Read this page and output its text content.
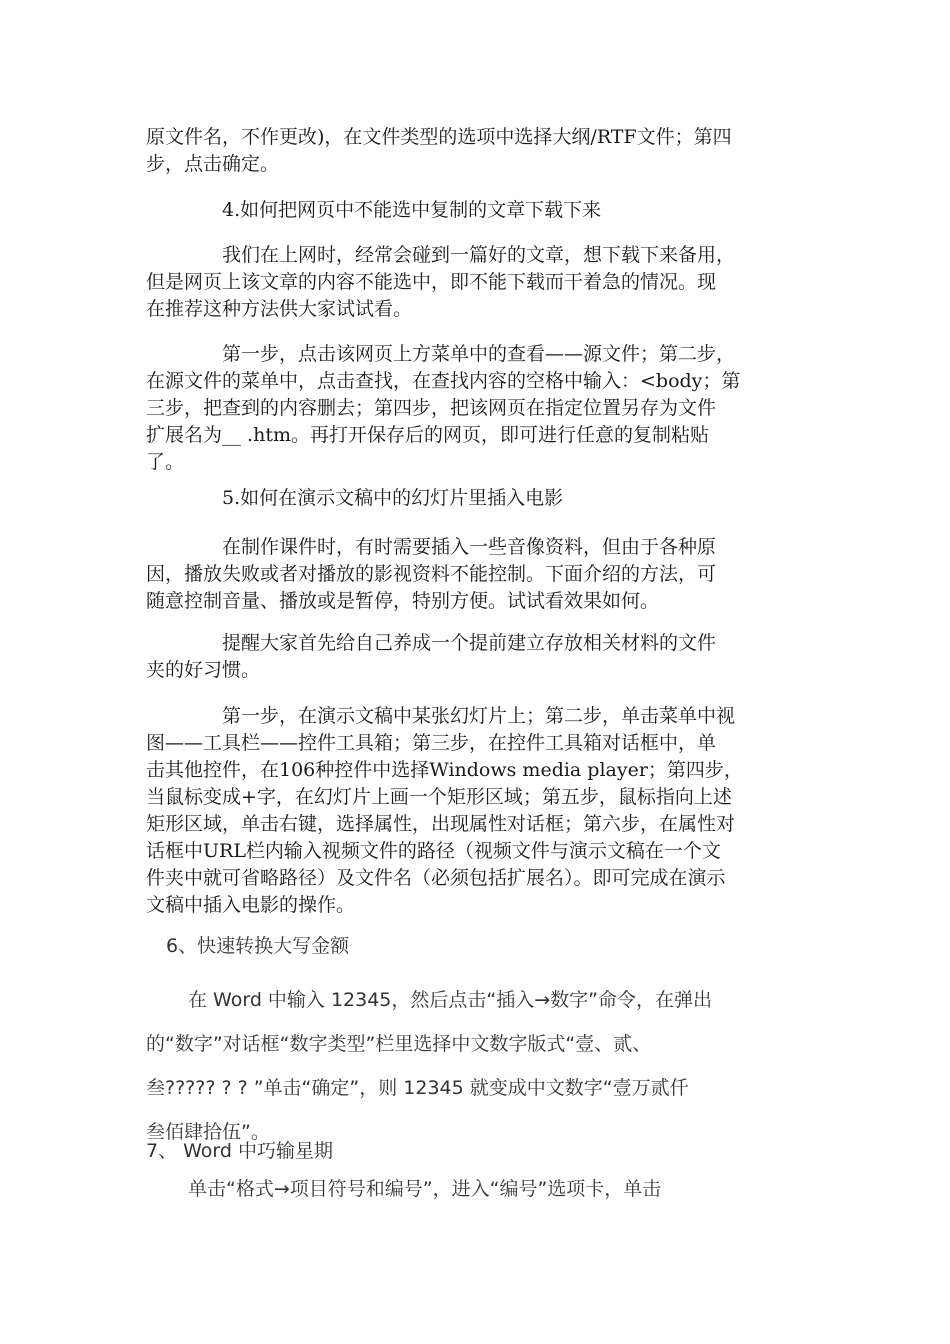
原文件名，不作更改)，在文件类型的选项中选择大纲/RTF文件；第四
步，点击确定。

4.如何把网页中不能选中复制的文章下载下来

我们在上网时，经常会碰到一篇好的文章，想下载下来备用，
但是网页上该文章的内容不能选中，即不能下载而干着急的情况。现
在推荐这种方法供大家试试看。

第一步，点击该网页上方菜单中的查看——源文件；第二步，
在源文件的菜单中，点击查找，在查找内容的空格中输入：<body；第
三步，把查到的内容删去；第四步，把该网页在指定位置另存为文件
扩展名为__ .htm。再打开保存后的网页，即可进行任意的复制粘贴
了。

5.如何在演示文稿中的幻灯片里插入电影

在制作课件时，有时需要插入一些音像资料，但由于各种原
因，播放失败或者对播放的影视资料不能控制。下面介绍的方法，可
随意控制音量、播放或是暂停，特别方便。试试看效果如何。

提醒大家首先给自己养成一个提前建立存放相关材料的文件
夹的好习惯。

第一步，在演示文稿中某张幻灯片上；第二步，单击菜单中视
图——工具栏——控件工具箱；第三步，在控件工具箱对话框中，单
击其他控件，在106种控件中选择Windows media player；第四步，
当鼠标变成+字，在幻灯片上画一个矩形区域；第五步，鼠标指向上述
矩形区域，单击右键，选择属性，出现属性对话框；第六步，在属性对
话框中URL栏内输入视频文件的路径（视频文件与演示文稿在一个文
件夹中就可省略路径）及文件名（必须包括扩展名）。即可完成在演示
文稿中插入电影的操作。

6、快速转换大写金额

在 Word 中输入 12345，然后点击“插入→数字”命令，在弹出
的“数字”对话框“数字类型”栏里选择中文数字版式“壹、贰、
叁????? ? ? ”单击“确定”，则 12345 就变成中文数字“壹万贰仟
叁佰肆拾伍”。

7、 Word 中巧输星期

单击“格式→项目符号和编号”，进入“编号”选项卡，单击
